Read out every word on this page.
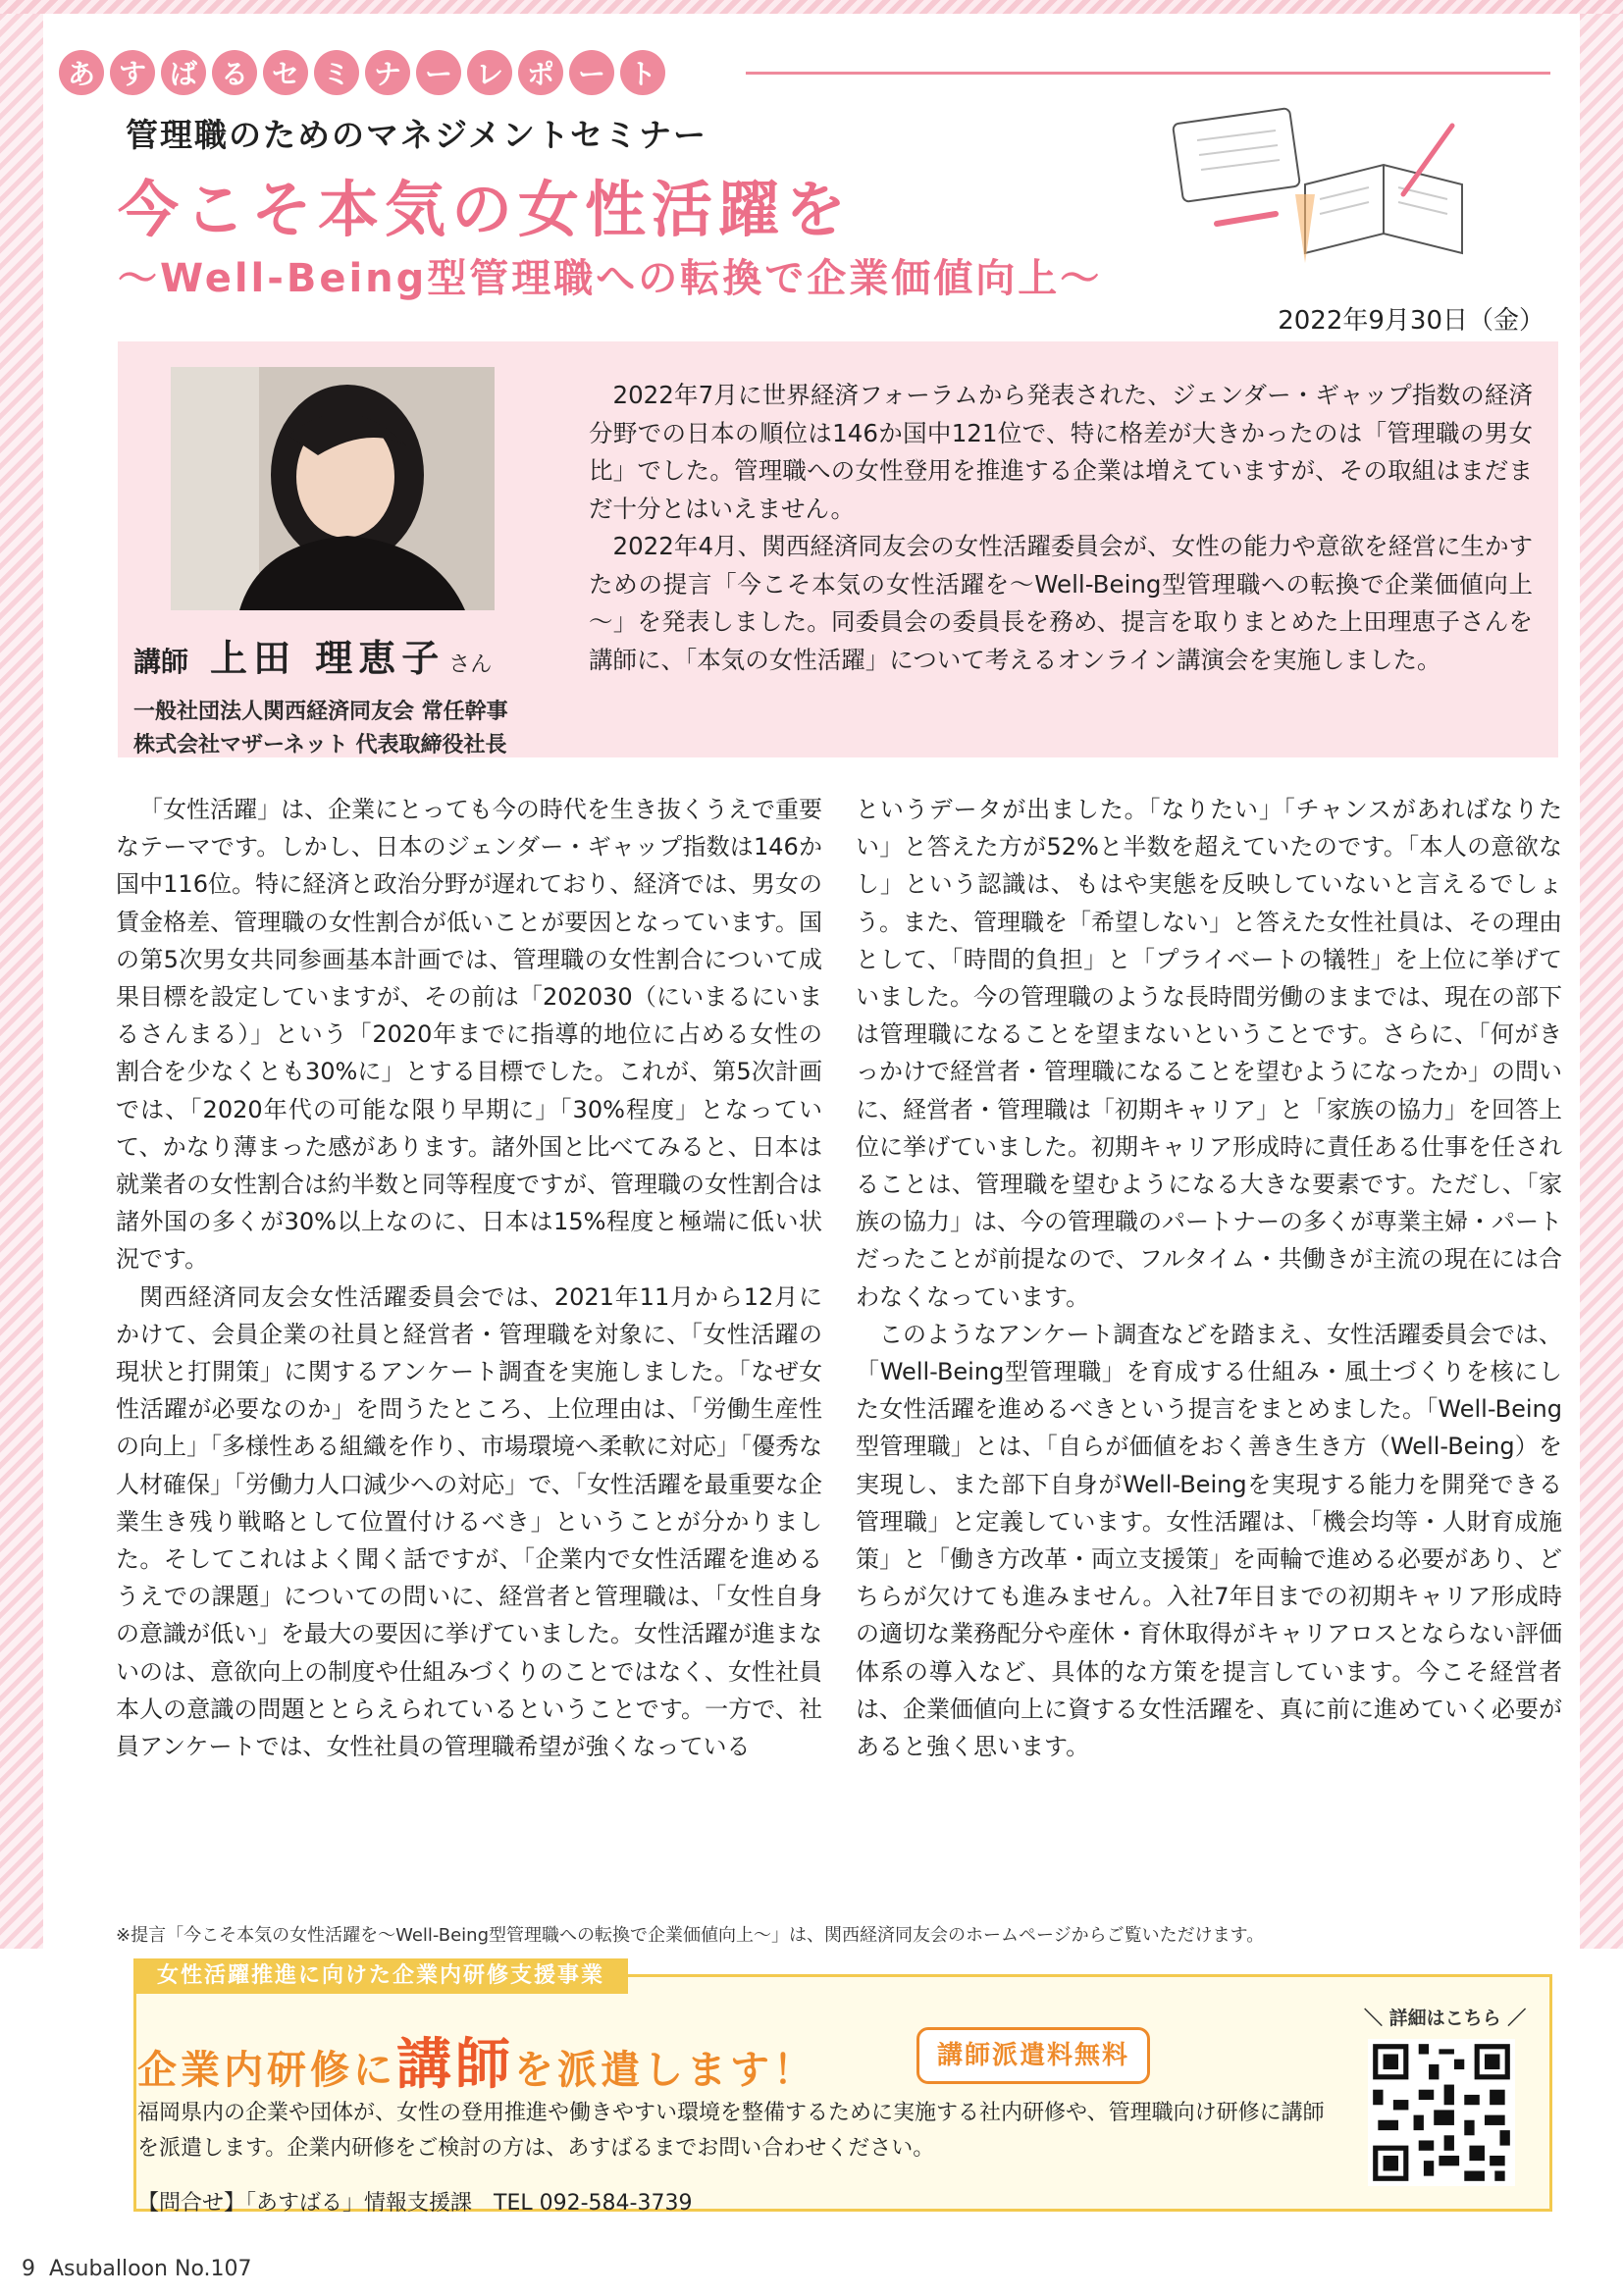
あ す ば る セ ミ ナ ー レ ポ ー ト
管理職のためのマネジメントセミナー
今こそ本気の女性活躍を
～Well-Being型管理職への転換で企業価値向上～
2022年9月30日（金）
講師 上田 理恵子 さん
一般社団法人関西経済同友会 常任幹事
株式会社マザーネット 代表取締役社長

2022年7月に世界経済フォーラムから発表された、ジェンダー・ギャップ指数の経済分野での日本の順位は146か国中121位で、特に格差が大きかったのは「管理職の男女比」でした。管理職への女性登用を推進する企業は増えていますが、その取組はまだまだ十分とはいえません。

2022年4月、関西経済同友会の女性活躍委員会が、女性の能力や意欲を経営に生かすための提言「今こそ本気の女性活躍を～Well-Being型管理職への転換で企業価値向上～」を発表しました。同委員会の委員長を務め、提言を取りまとめた上田理恵子さんを講師に、「本気の女性活躍」について考えるオンライン講演会を実施しました。

「女性活躍」は、企業にとっても今の時代を生き抜くうえで重要なテーマです。しかし、日本のジェンダー・ギャップ指数は146か国中116位。特に経済と政治分野が遅れており、経済では、男女の賃金格差、管理職の女性割合が低いことが要因となっています。国の第5次男女共同参画基本計画では、管理職の女性割合について成果目標を設定していますが、その前は「202030（にいまるにいまるさんまる）」という「2020年までに指導的地位に占める女性の割合を少なくとも30%に」とする目標でした。これが、第5次計画では、「2020年代の可能な限り早期に」「30%程度」となっていて、かなり薄まった感があります。諸外国と比べてみると、日本は就業者の女性割合は約半数と同等程度ですが、管理職の女性割合は諸外国の多くが30%以上なのに、日本は15%程度と極端に低い状況です。

関西経済同友会女性活躍委員会では、2021年11月から12月にかけて、会員企業の社員と経営者・管理職を対象に、「女性活躍の現状と打開策」に関するアンケート調査を実施しました。「なぜ女性活躍が必要なのか」を問うたところ、上位理由は、「労働生産性の向上」「多様性ある組織を作り、市場環境へ柔軟に対応」「優秀な人材確保」「労働力人口減少への対応」で、「女性活躍を最重要な企業生き残り戦略として位置付けるべき」ということが分かりました。そしてこれはよく聞く話ですが、「企業内で女性活躍を進めるうえでの課題」についての問いに、経営者と管理職は、「女性自身の意識が低い」を最大の要因に挙げていました。女性活躍が進まないのは、意欲向上の制度や仕組みづくりのことではなく、女性社員本人の意識の問題ととらえられているということです。一方で、社員アンケートでは、女性社員の管理職希望が強くなっている

というデータが出ました。「なりたい」「チャンスがあればなりたい」と答えた方が52%と半数を超えていたのです。「本人の意欲なし」という認識は、もはや実態を反映していないと言えるでしょう。また、管理職を「希望しない」と答えた女性社員は、その理由として、「時間的負担」と「プライベートの犠牲」を上位に挙げていました。今の管理職のような長時間労働のままでは、現在の部下は管理職になることを望まないということです。さらに、「何がきっかけで経営者・管理職になることを望むようになったか」の問いに、経営者・管理職は「初期キャリア」と「家族の協力」を回答上位に挙げていました。初期キャリア形成時に責任ある仕事を任されることは、管理職を望むようになる大きな要素です。ただし、「家族の協力」は、今の管理職のパートナーの多くが専業主婦・パートだったことが前提なので、フルタイム・共働きが主流の現在には合わなくなっています。

このようなアンケート調査などを踏まえ、女性活躍委員会では、「Well-Being型管理職」を育成する仕組み・風土づくりを核にした女性活躍を進めるべきという提言をまとめました。「Well-Being型管理職」とは、「自らが価値をおく善き生き方（Well-Being）を実現し、また部下自身がWell-Beingを実現する能力を開発できる管理職」と定義しています。女性活躍は、「機会均等・人財育成施策」と「働き方改革・両立支援策」を両輪で進める必要があり、どちらが欠けても進みません。入社7年目までの初期キャリア形成時の適切な業務配分や産休・育休取得がキャリアロスとならない評価体系の導入など、具体的な方策を提言しています。今こそ経営者は、企業価値向上に資する女性活躍を、真に前に進めていく必要があると強く思います。

※提言「今こそ本気の女性活躍を～Well-Being型管理職への転換で企業価値向上～」は、関西経済同友会のホームページからご覧いただけます。
女性活躍推進に向けた企業内研修支援事業
企業内研修に講師を派遣します！	講師派遣料無料
福岡県内の企業や団体が、女性の登用推進や働きやすい環境を整備するために実施する社内研修や、管理職向け研修に講師を派遣します。企業内研修をご検討の方は、あすばるまでお問い合わせください。
【問合せ】「あすばる」情報支援課　TEL 092-584-3739
＼ 詳細はこちら ／
9 Asuballoon No.107
